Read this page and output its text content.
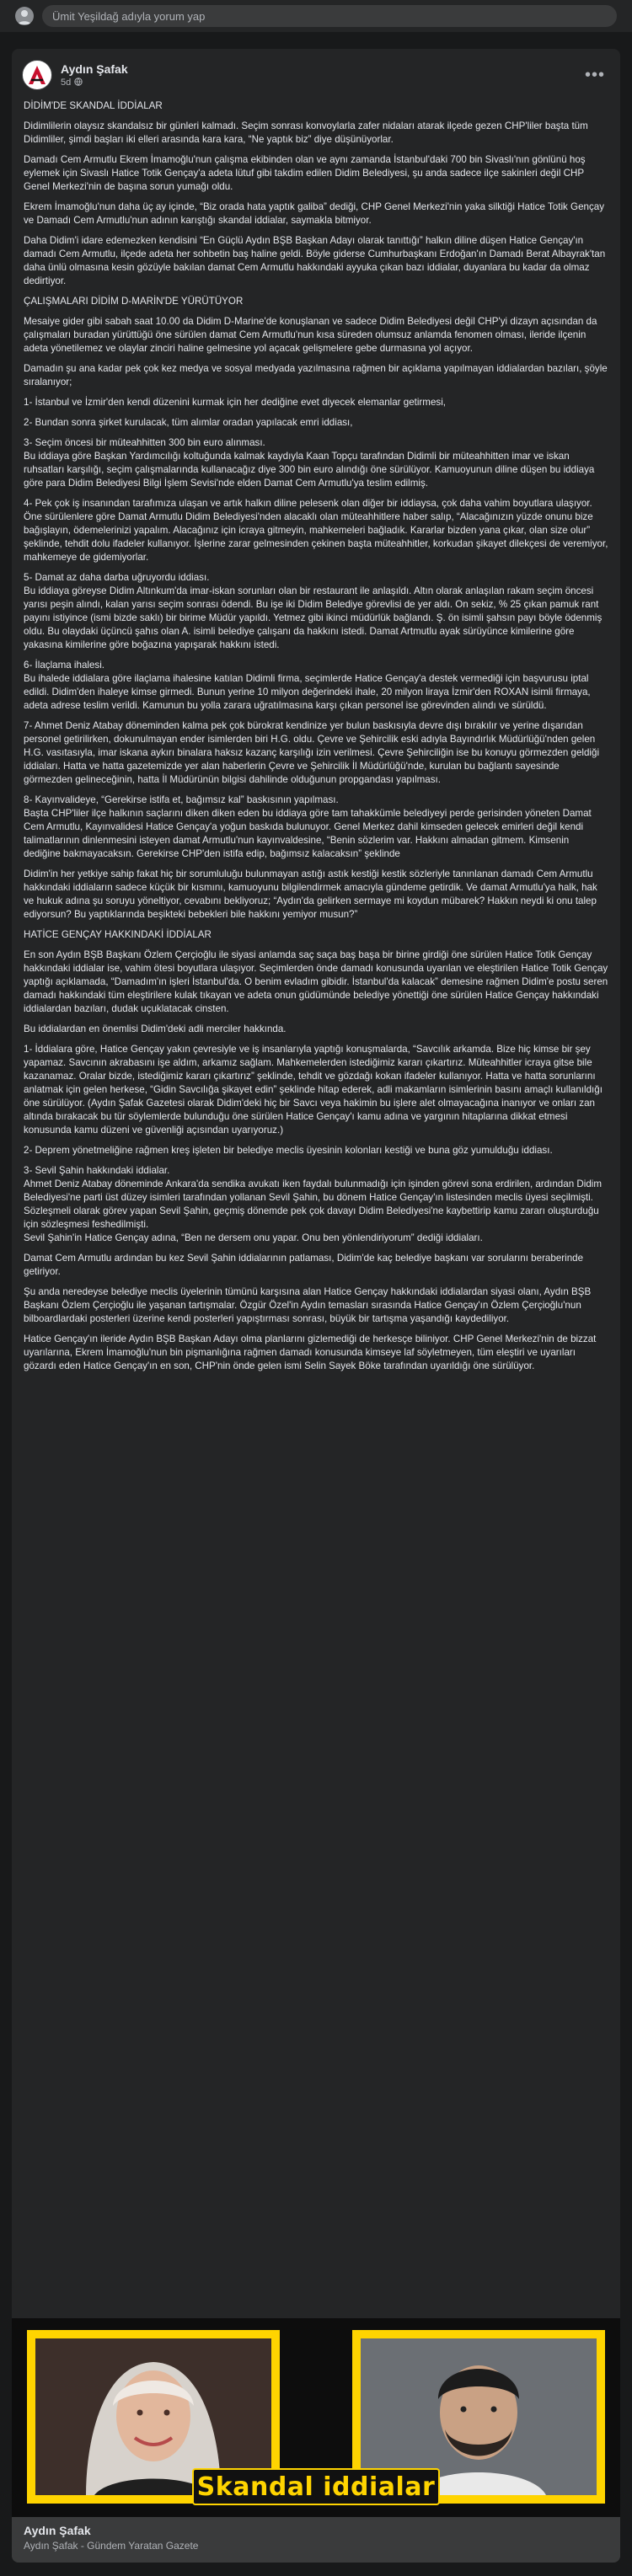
Ümit Yeşildağ adıyla yorum yap
Aydın Şafak
5d	•••

DİDİM'DE SKANDAL İDDİALAR

Didimlilerin olaysız skandalsız bir günleri kalmadı. Seçim sonrası konvoylarla zafer nidaları atarak ilçede gezen CHP'liler başta tüm Didimliler, şimdi başları iki elleri arasında kara kara, “Ne yaptık biz” diye düşünüyorlar.

Damadı Cem Armutlu Ekrem İmamoğlu'nun çalışma ekibinden olan ve aynı zamanda İstanbul'daki 700 bin Sivaslı'nın gönlünü hoş eylemek için Sivaslı Hatice Totik Gençay'a adeta lütuf gibi takdim edilen Didim Belediyesi, şu anda sadece ilçe sakinleri değil CHP Genel Merkezi'nin de başına sorun yumağı oldu.

Ekrem İmamoğlu'nun daha üç ay içinde, “Biz orada hata yaptık galiba” dediği, CHP Genel Merkezi'nin yaka silktiği Hatice Totik Gençay ve Damadı Cem Armutlu'nun adının karıştığı skandal iddialar, saymakla bitmiyor.

Daha Didim'i idare edemezken kendisini “En Güçlü Aydın BŞB Başkan Adayı olarak tanıttığı” halkın diline düşen Hatice Gençay'ın damadı Cem Armutlu, ilçede adeta her sohbetin baş haline geldi. Böyle giderse Cumhurbaşkanı Erdoğan'ın Damadı Berat Albayrak'tan daha ünlü olmasına kesin gözüyle bakılan damat Cem Armutlu hakkındaki ayyuka çıkan bazı iddialar, duyanlara bu kadar da olmaz dedirtiyor.

ÇALIŞMALARI DİDİM D-MARİN'DE YÜRÜTÜYOR

Mesaiye gider gibi sabah saat 10.00 da Didim D-Marine'de konuşlanan ve sadece Didim Belediyesi değil CHP'yi dizayn açısından da çalışmaları buradan yürüttüğü öne sürülen damat Cem Armutlu'nun kısa süreden olumsuz anlamda fenomen olması, ileride ilçenin adeta yönetilemez ve olaylar zinciri haline gelmesine yol açacak gelişmelere gebe durmasına yol açıyor.

Damadın şu ana kadar pek çok kez medya ve sosyal medyada yazılmasına rağmen bir açıklama yapılmayan iddialardan bazıları, şöyle sıralanıyor;

1- İstanbul ve İzmir'den kendi düzenini kurmak için her dediğine evet diyecek elemanlar getirmesi,

2- Bundan sonra şirket kurulacak, tüm alımlar oradan yapılacak emri iddiası,

3- Seçim öncesi bir müteahhitten 300 bin euro alınması.
Bu iddiaya göre Başkan Yardımcılığı koltuğunda kalmak kaydıyla Kaan Topçu tarafından Didimli bir müteahhitten imar ve iskan ruhsatları karşılığı, seçim çalışmalarında kullanacağız diye 300 bin euro alındığı öne sürülüyor. Kamuoyunun diline düşen bu iddiaya göre para Didim Belediyesi Bilgi İşlem Sevisi'nde elden Damat Cem Armutlu'ya teslim edilmiş.

4- Pek çok iş insanından tarafımıza ulaşan ve artık halkın diline pelesenk olan diğer bir iddiaysa, çok daha vahim boyutlara ulaşıyor. Öne sürülenlere göre Damat Armutlu Didim Belediyesi'nden alacaklı olan müteahhitlere haber salıp, “Alacağınızın yüzde onunu bize bağışlayın, ödemelerinizi yapalım. Alacağınız için icraya gitmeyin, mahkemeleri bağladık. Kararlar bizden yana çıkar, olan size olur” şeklinde, tehdit dolu ifadeler kullanıyor. İşlerine zarar gelmesinden çekinen başta müteahhitler, korkudan şikayet dilekçesi de veremiyor, mahkemeye de gidemiyorlar.

5- Damat az daha darba uğruyordu iddiası.
Bu iddiaya göreyse Didim Altınkum'da imar-iskan sorunları olan bir restaurant ile anlaşıldı. Altın olarak anlaşılan rakam seçim öncesi yarısı peşin alındı, kalan yarısı seçim sonrası ödendi. Bu işe iki Didim Belediye görevlisi de yer aldı. On sekiz, % 25 çıkan pamuk rant payını istiyince (ismi bizde saklı) bir birime Müdür yapıldı. Yetmez gibi ikinci müdürlük bağlandı. Ş. ön isimli şahsın payı böyle ödenmiş oldu. Bu olaydaki üçüncü şahıs olan A. isimli belediye çalışanı da hakkını istedi. Damat Artmutlu ayak sürüyünce kimilerine göre yakasına kimilerine göre boğazına yapışarak hakkını istedi.

6- İlaçlama ihalesi.
Bu ihalede iddialara göre ilaçlama ihalesine katılan Didimli firma, seçimlerde Hatice Gençay'a destek vermediği için başvurusu iptal edildi. Didim'den ihaleye kimse girmedi. Bunun yerine 10 milyon değerindeki ihale, 20 milyon liraya İzmir'den ROXAN isimli firmaya, adeta adrese teslim verildi. Kamunun bu yolla zarara uğratılmasına karşı çıkan personel ise görevinden alındı ve sürüldü.

7- Ahmet Deniz Atabay döneminden kalma pek çok bürokrat kendinize yer bulun baskısıyla devre dışı bırakılır ve yerine dışarıdan personel getirilirken, dokunulmayan ender isimlerden biri H.G. oldu. Çevre ve Şehircilik eski adıyla Bayındırlık Müdürlüğü'nden gelen H.G. vasıtasıyla, imar iskana aykırı binalara haksız kazanç karşılığı izin verilmesi. Çevre Şehirciliğin ise bu konuyu görmezden geldiği iddiaları. Hatta ve hatta gazetemizde yer alan haberlerin Çevre ve Şehircilik İl Müdürlüğü'nde, kurulan bu bağlantı sayesinde görmezden gelineceğinin, hatta İl Müdürünün bilgisi dahilinde olduğunun propgandası yapılması.

8- Kayınvalideye, “Gerekirse istifa et, bağımsız kal” baskısının yapılması.
Başta CHP'liler ilçe halkının saçlarını diken diken eden bu iddiaya göre tam tahakkümle belediyeyi perde gerisinden yöneten Damat Cem Armutlu, Kayınvalidesi Hatice Gençay'a yoğun baskıda bulunuyor. Genel Merkez dahil kimseden gelecek emirleri değil kendi talimatlarının dinlenmesini isteyen damat Armutlu'nun kayınvaldesine, “Benin sözlerim var. Hakkını almadan gitmem. Kimsenin dediğine bakmayacaksın. Gerekirse CHP'den istifa edip, bağımsız kalacaksın” şeklinde

Didim'in her yetkiye sahip fakat hiç bir sorumluluğu bulunmayan astığı astık kestiği kestik sözleriyle tanınlanan damadı Cem Armutlu hakkındaki iddiaların sadece küçük bir kısmını, kamuoyunu bilgilendirmek amacıyla gündeme getirdik. Ve damat Armutlu'ya halk, hak ve hukuk adına şu soruyu yöneltiyor, cevabını bekliyoruz; “Aydın'da gelirken sermaye mi koydun mübarek? Hakkın neydi ki onu talep ediyorsun? Bu yaptıklarında beşikteki bebekleri bile hakkını yemiyor musun?”

HATİCE GENÇAY HAKKINDAKİ İDDİALAR

En son Aydın BŞB Başkanı Özlem Çerçioğlu ile siyasi anlamda saç saça baş başa bir birine girdiği öne sürülen Hatice Totik Gençay hakkındaki iddialar ise, vahim ötesi boyutlara ulaşıyor. Seçimlerden önde damadı konusunda uyarılan ve eleştirilen Hatice Totik Gençay yaptığı açıklamada, “Damadım'ın işleri İstanbul'da. O benim evladım gibidir. İstanbul'da kalacak” demesine rağmen Didim'e postu seren damadı hakkındaki tüm eleştirilere kulak tıkayan ve adeta onun güdümünde belediye yönettiği öne sürülen Hatice Gençay hakkındaki iddialardan bazıları, dudak uçuklatacak cinsten.

Bu iddialardan en önemlisi Didim'deki adli merciler hakkında.

1- İddialara göre, Hatice Gençay yakın çevresiyle ve iş insanlarıyla yaptığı konuşmalarda, “Savcılık arkamda. Bize hiç kimse bir şey yapamaz. Savcının akrabasını işe aldım, arkamız sağlam. Mahkemelerden istediğimiz kararı çıkartırız. Müteahhitler icraya gitse bile kazanamaz. Oralar bizde, istediğimiz kararı çıkartırız” şeklinde, tehdit ve gözdağı kokan ifadeler kullanıyor. Hatta ve hatta sorunlarını anlatmak için gelen herkese, “Gidin Savcılığa şikayet edin” şeklinde hitap ederek, adli makamların isimlerinin basını amaçlı kullanıldığı öne sürülüyor. (Aydın Şafak Gazetesi olarak Didim'deki hiç bir Savcı veya hakimin bu işlere alet olmayacağına inanıyor ve onları zan altında bırakacak bu tür söylemlerde bulunduğu öne sürülen Hatice Gençay'ı kamu adına ve yargının hitaplarına dikkat etmesi konusunda kamu düzeni ve güvenliği açısından uyarıyoruz.)

2- Deprem yönetmeliğine rağmen kreş işleten bir belediye meclis üyesinin kolonları kestiği ve buna göz yumulduğu iddiası.

3- Sevil Şahin hakkındaki iddialar.
Ahmet Deniz Atabay döneminde Ankara'da sendika avukatı iken faydalı bulunmadığı için işinden görevi sona erdirilen, ardından Didim Belediyesi'ne parti üst düzey isimleri tarafından yollanan Sevil Şahin, bu dönem Hatice Gençay'ın listesinden meclis üyesi seçilmişti.
Sözleşmeli olarak görev yapan Sevil Şahin, geçmiş dönemde pek çok davayı Didim Belediyesi'ne kaybettirip kamu zararı oluşturduğu için sözleşmesi feshedilmişti.
Sevil Şahin'in Hatice Gençay adına, “Ben ne dersem onu yapar. Onu ben yönlendiriyorum” dediği iddiaları.

Damat Cem Armutlu ardından bu kez Sevil Şahin iddialarının patlaması, Didim'de kaç belediye başkanı var sorularını beraberinde getiriyor.

Şu anda neredeyse belediye meclis üyelerinin tümünü karşısına alan Hatice Gençay hakkındaki iddialardan siyasi olanı, Aydın BŞB Başkanı Özlem Çerçioğlu ile yaşanan tartışmalar. Özgür Özel'in Aydın temasları sırasında Hatice Gençay'ın Özlem Çerçioğlu'nun bilboardlardaki posterleri üzerine kendi posterleri yapıştırması sonrası, büyük bir tartışma yaşandığı kaydediliyor.

Hatice Gençay'ın ileride Aydın BŞB Başkan Adayı olma planlarını gizlemediği de herkesçe biliniyor. CHP Genel Merkezi'nin de bizzat uyarılarına, Ekrem İmamoğlu'nun bin pişmanlığına rağmen damadı konusunda kimseye laf söyletmeyen, tüm eleştiri ve uyarıları gözardı eden Hatice Gençay'ın en son, CHP'nin önde gelen ismi Selin Sayek Böke tarafından uyarıldığı öne sürülüyor.

Skandal iddialar
Aydın Şafak
Aydın Şafak - Gündem Yaratan Gazete
